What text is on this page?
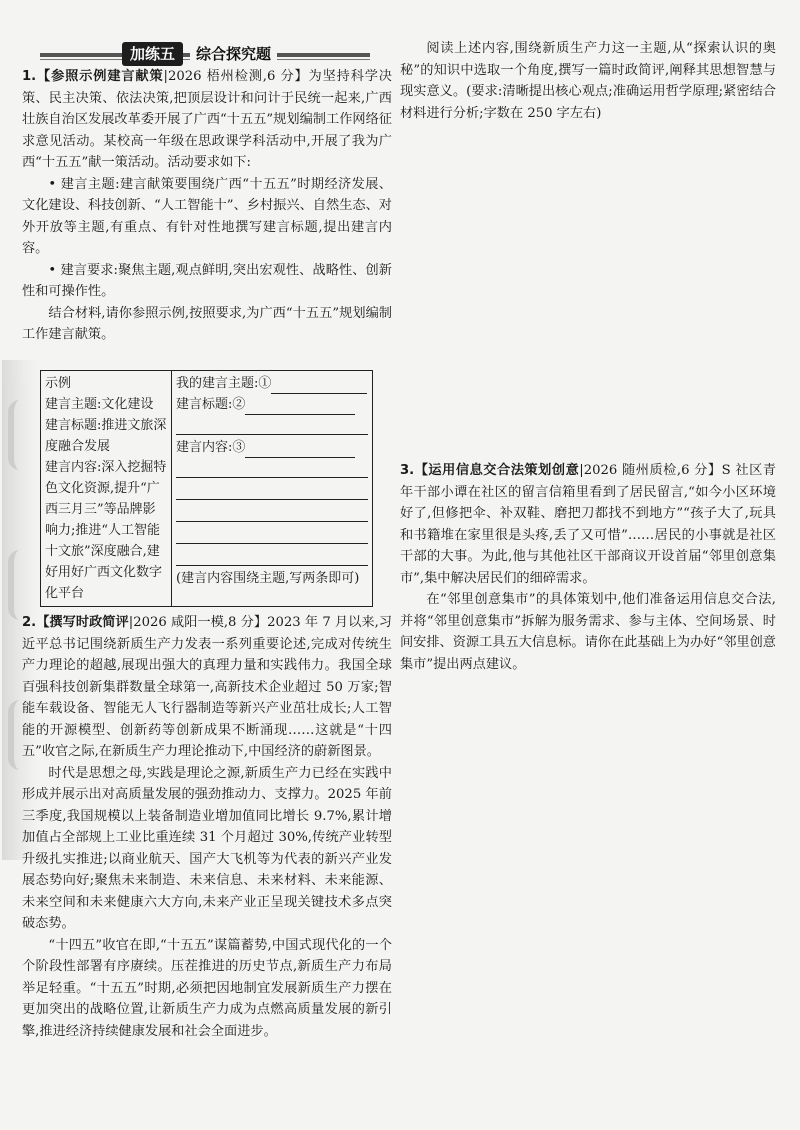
加练五	综合探究题

1.【参照示例建言献策|2026 梧州检测,6 分】为坚持科学决策、民主决策、依法决策,把顶层设计和问计于民统一起来,广西壮族自治区发展改革委开展了广西“十五五”规划编制工作网络征求意见活动。某校高一年级在思政课学科活动中,开展了我为广西“十五五”献一策活动。活动要求如下:

• 建言主题:建言献策要围绕广西“十五五”时期经济发展、文化建设、科技创新、“人工智能十”、乡村振兴、自然生态、对外开放等主题,有重点、有针对性地撰写建言标题,提出建言内容。

• 建言要求:聚焦主题,观点鲜明,突出宏观性、战略性、创新性和可操作性。

结合材料,请你参照示例,按照要求,为广西“十五五”规划编制工作建言献策。

示例
建言主题:文化建设
建言标题:推进文旅深度融合发展
建言内容:深入挖掘特色文化资源,提升“广西三月三”等品牌影响力;推进“人工智能十文旅”深度融合,建好用好广西文化数字化平台

我的建言主题:①
建言标题:②
建言内容:③
(建言内容围绕主题,写两条即可)

2.【撰写时政简评|2026 咸阳一模,8 分】2023 年 7 月以来,习近平总书记围绕新质生产力发表一系列重要论述,完成对传统生产力理论的超越,展现出强大的真理力量和实践伟力。我国全球百强科技创新集群数量全球第一,高新技术企业超过 50 万家;智能车载设备、智能无人飞行器制造等新兴产业茁壮成长;人工智能的开源模型、创新药等创新成果不断涌现……这就是“十四五”收官之际,在新质生产力理论推动下,中国经济的蔚新图景。

时代是思想之母,实践是理论之源,新质生产力已经在实践中形成并展示出对高质量发展的强劲推动力、支撑力。2025 年前三季度,我国规模以上装备制造业增加值同比增长 9.7%,累计增加值占全部规上工业比重连续 31 个月超过 30%,传统产业转型升级扎实推进;以商业航天、国产大飞机等为代表的新兴产业发展态势向好;聚焦未来制造、未来信息、未来材料、未来能源、未来空间和未来健康六大方向,未来产业正呈现关键技术多点突破态势。

“十四五”收官在即,“十五五”谋篇蓄势,中国式现代化的一个个阶段性部署有序赓续。压茬推进的历史节点,新质生产力布局举足轻重。“十五五”时期,必须把因地制宜发展新质生产力摆在更加突出的战略位置,让新质生产力成为点燃高质量发展的新引擎,推进经济持续健康发展和社会全面进步。

阅读上述内容,围绕新质生产力这一主题,从“探索认识的奥秘”的知识中选取一个角度,撰写一篇时政简评,阐释其思想智慧与现实意义。(要求:清晰提出核心观点;准确运用哲学原理;紧密结合材料进行分析;字数在 250 字左右)

3.【运用信息交合法策划创意|2026 随州质检,6 分】S 社区青年干部小谭在社区的留言信箱里看到了居民留言,“如今小区环境好了,但修把伞、补双鞋、磨把刀都找不到地方”“孩子大了,玩具和书籍堆在家里很是头疼,丢了又可惜”……居民的小事就是社区干部的大事。为此,他与其他社区干部商议开设首届“邻里创意集市”,集中解决居民们的细碎需求。

在“邻里创意集市”的具体策划中,他们准备运用信息交合法,并将“邻里创意集市”拆解为服务需求、参与主体、空间场景、时间安排、资源工具五大信息标。请你在此基础上为办好“邻里创意集市”提出两点建议。
